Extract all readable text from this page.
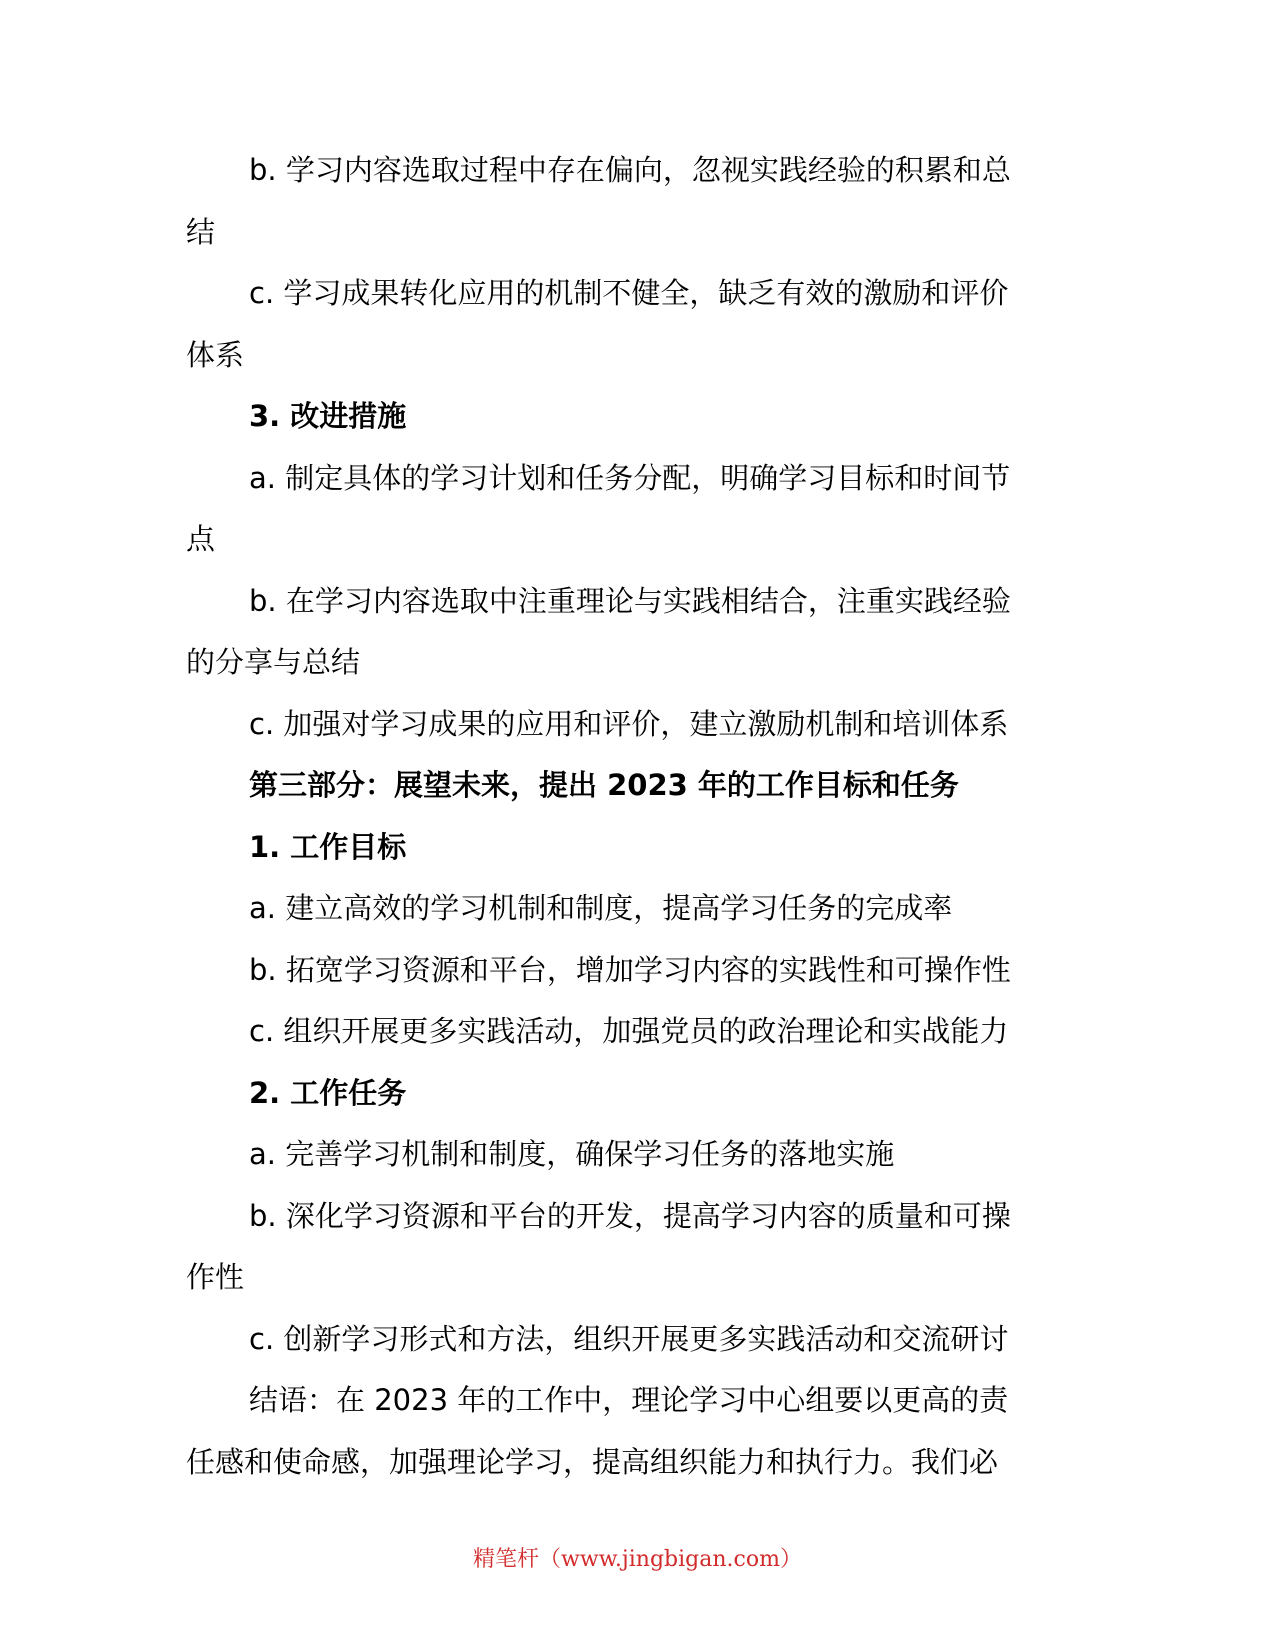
b. 学习内容选取过程中存在偏向，忽视实践经验的积累和总
结
c. 学习成果转化应用的机制不健全，缺乏有效的激励和评价
体系
3. 改进措施
a. 制定具体的学习计划和任务分配，明确学习目标和时间节
点
b. 在学习内容选取中注重理论与实践相结合，注重实践经验
的分享与总结
c. 加强对学习成果的应用和评价，建立激励机制和培训体系
第三部分：展望未来，提出 2023 年的工作目标和任务
1. 工作目标
a. 建立高效的学习机制和制度，提高学习任务的完成率
b. 拓宽学习资源和平台，增加学习内容的实践性和可操作性
c. 组织开展更多实践活动，加强党员的政治理论和实战能力
2. 工作任务
a. 完善学习机制和制度，确保学习任务的落地实施
b. 深化学习资源和平台的开发，提高学习内容的质量和可操
作性
c. 创新学习形式和方法，组织开展更多实践活动和交流研讨
结语：在 2023 年的工作中，理论学习中心组要以更高的责
任感和使命感，加强理论学习，提高组织能力和执行力。我们必
精笔杆（www.jingbigan.com）
